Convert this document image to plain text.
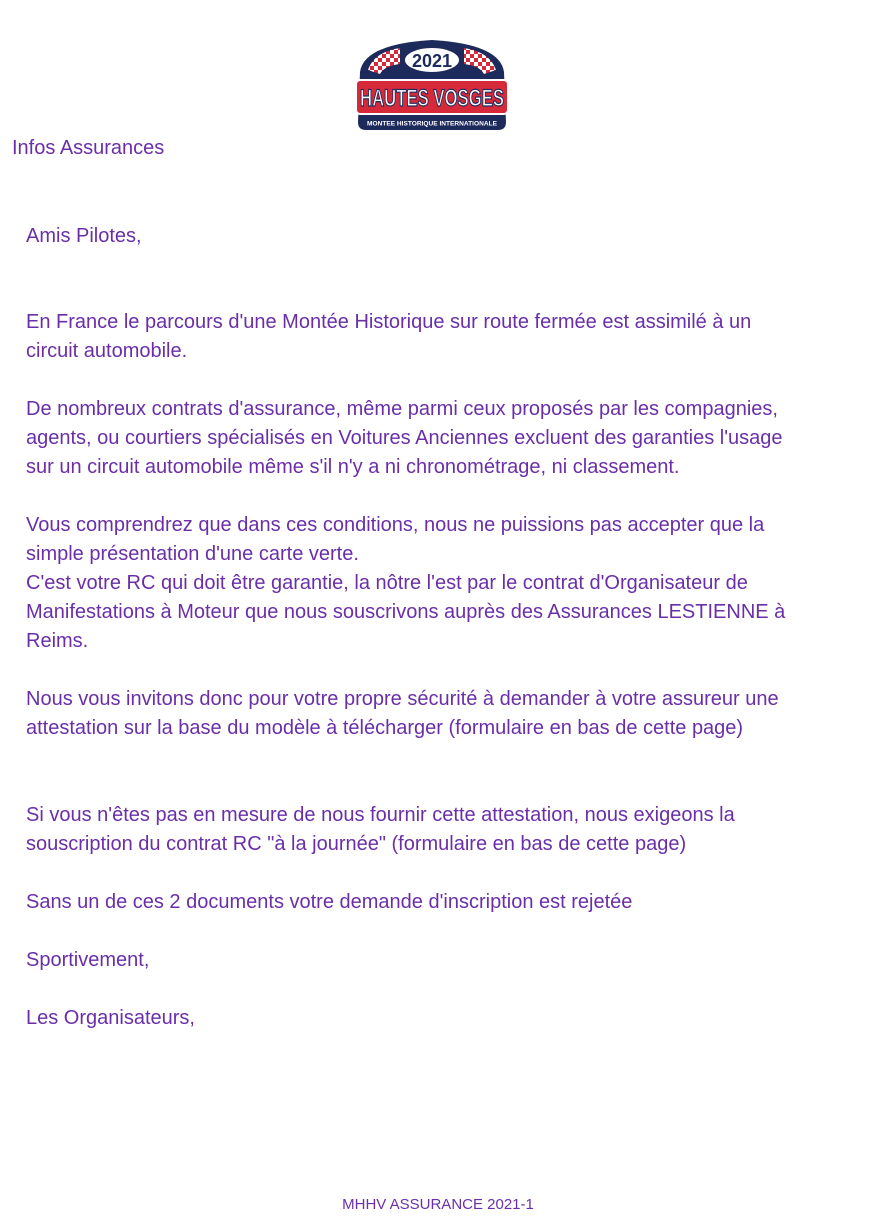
2021
HAUTES VOSGES
MONTEE HISTORIQUE INTERNATIONALE
Infos Assurances

Amis Pilotes,

En France le parcours d'une Montée Historique sur route fermée est assimilé à un
circuit automobile.

De nombreux contrats d'assurance, même parmi ceux proposés par les compagnies,
agents, ou courtiers spécialisés en Voitures Anciennes excluent des garanties l'usage
sur un circuit automobile même s'il n'y a ni chronométrage, ni classement.

Vous comprendrez que dans ces conditions, nous ne puissions pas accepter que la
simple présentation d'une carte verte.
C'est votre RC qui doit être garantie, la nôtre l'est par le contrat d'Organisateur de
Manifestations à Moteur que nous souscrivons auprès des Assurances LESTIENNE à
Reims.

Nous vous invitons donc pour votre propre sécurité à demander à votre assureur une
attestation sur la base du modèle à télécharger (formulaire en bas de cette page)

Si vous n'êtes pas en mesure de nous fournir cette attestation, nous exigeons la
souscription du contrat RC "à la journée" (formulaire en bas de cette page)

Sans un de ces 2 documents votre demande d'inscription est rejetée

Sportivement,

Les Organisateurs,

MHHV ASSURANCE 2021-1
